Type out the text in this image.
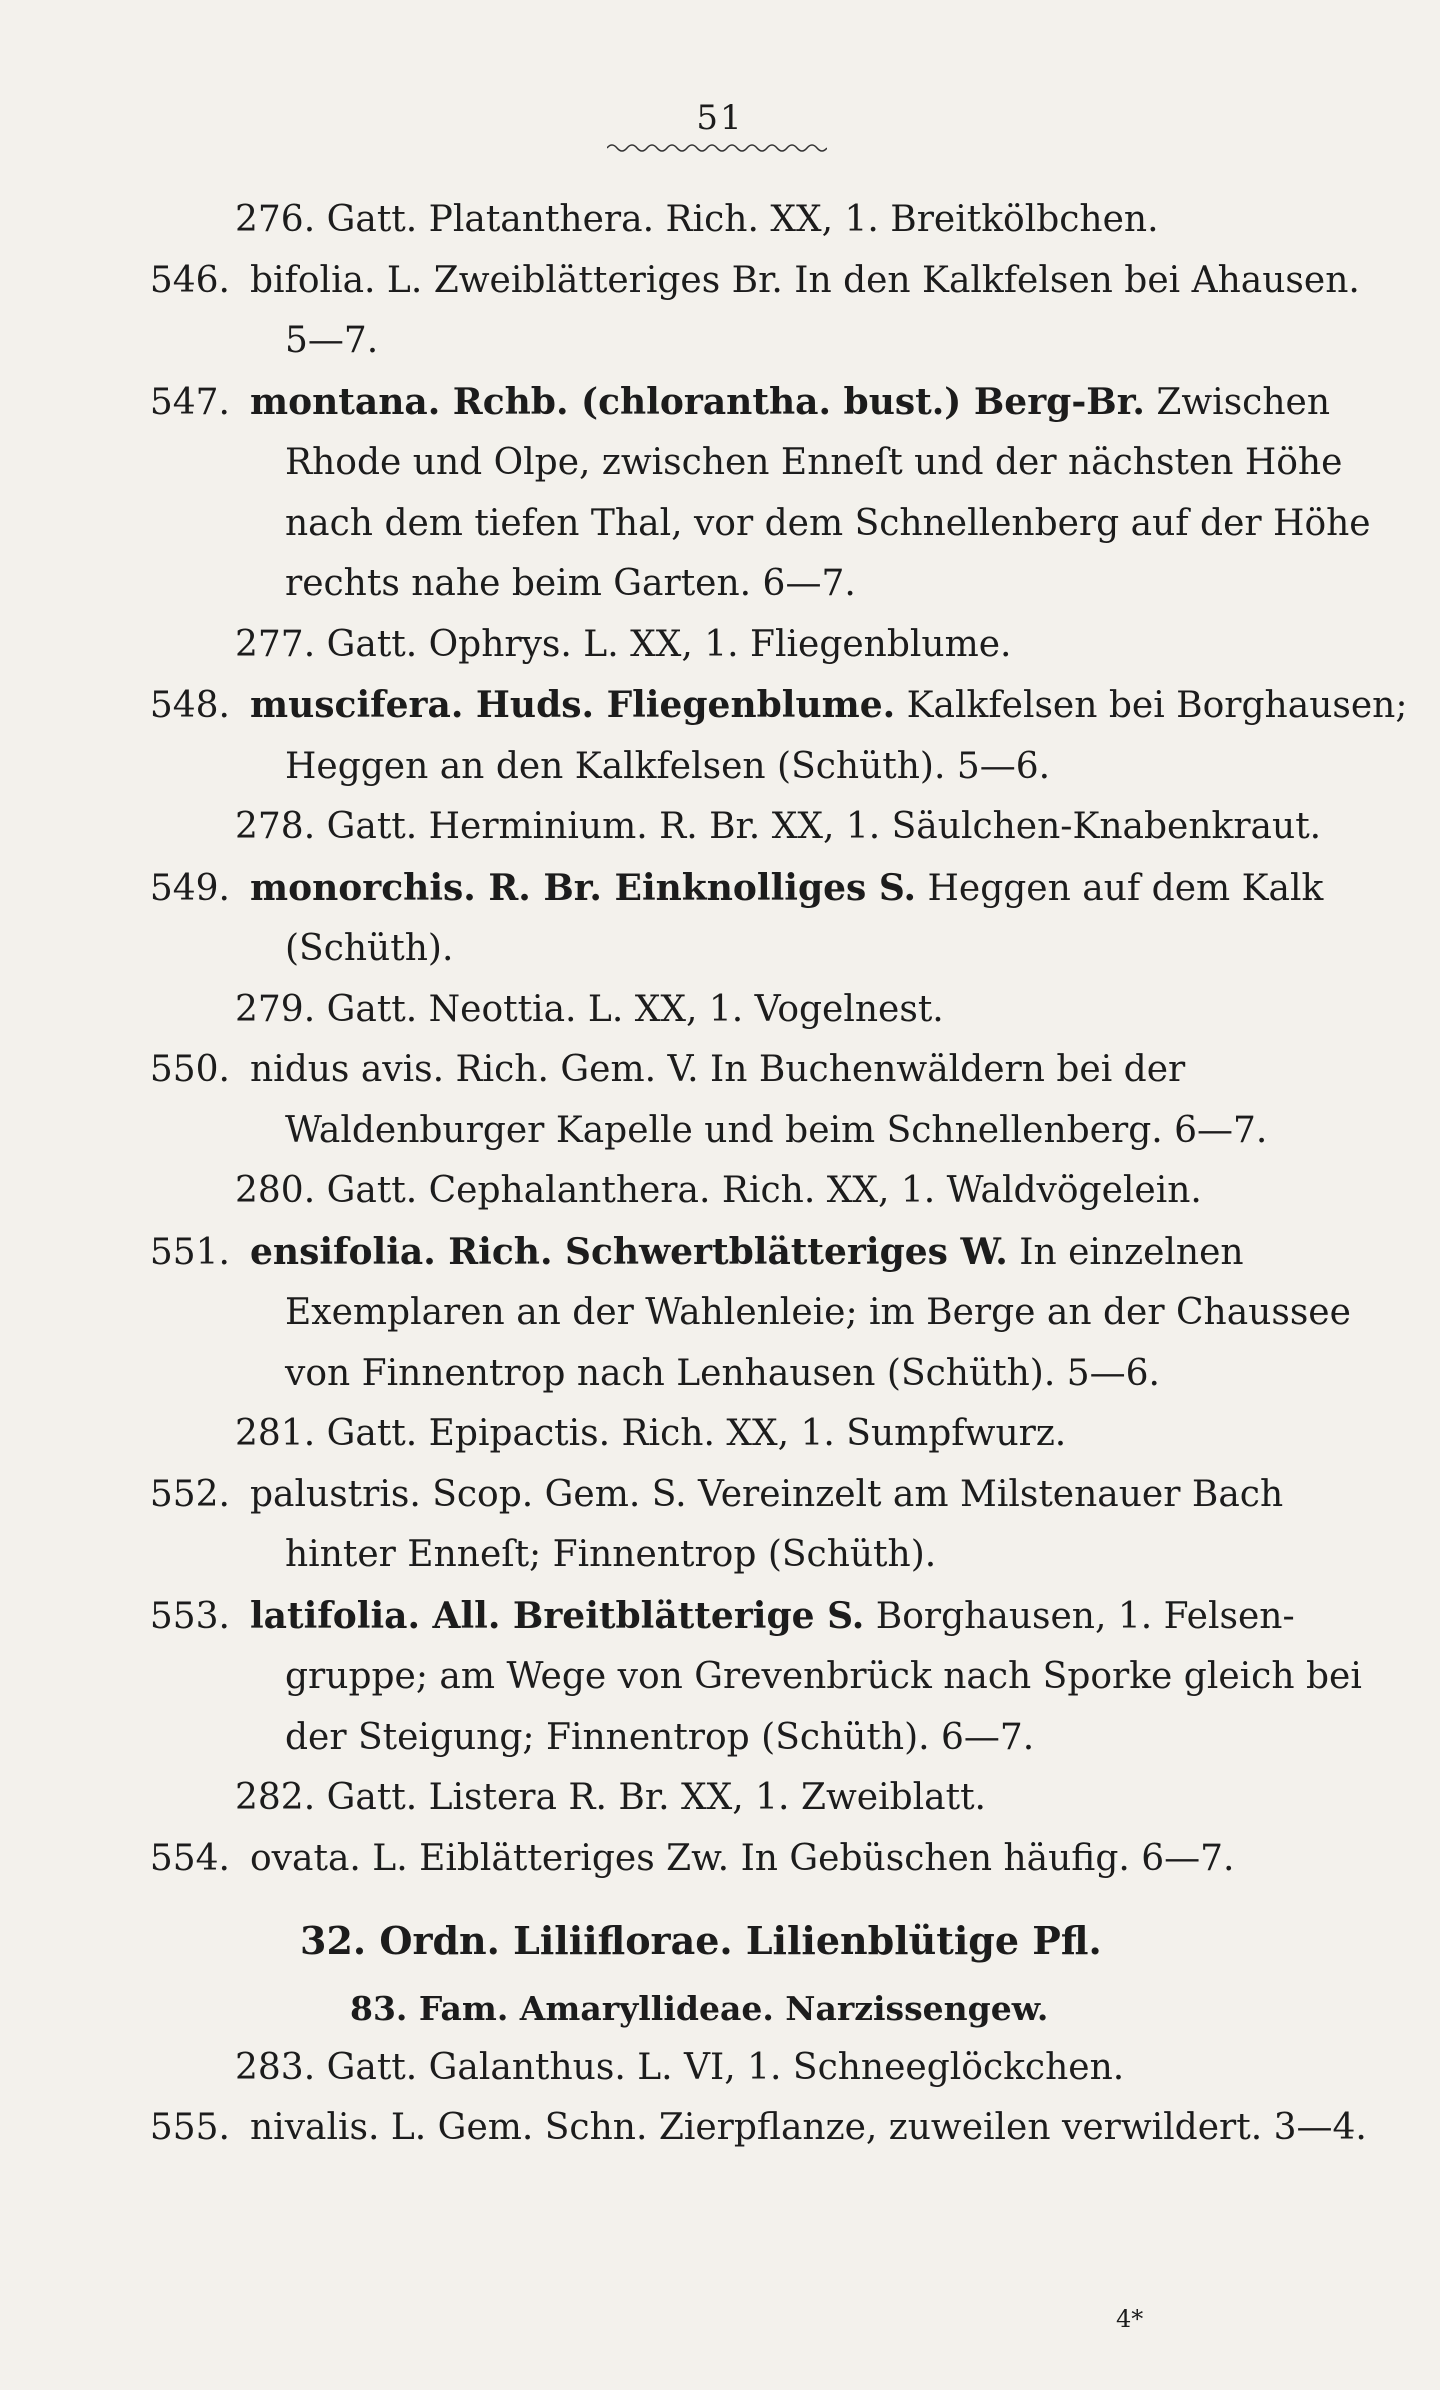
51
276. Gatt. Platanthera. Rich. XX, 1. Breitkölbchen.
546. bifolia. L. Zweiblätteriges Br. In den Kalkfelsen bei Ahausen.
5—7.
547. montana. Rchb. (chlorantha. bust.) Berg-Br. Zwischen
Rhode und Olpe, zwischen Enneſt und der nächsten Höhe
nach dem tiefen Thal, vor dem Schnellenberg auf der Höhe
rechts nahe beim Garten. 6—7.
277. Gatt. Ophrys. L. XX, 1. Fliegenblume.
548. muscifera. Huds. Fliegenblume. Kalkfelsen bei Borghausen;
Heggen an den Kalkfelsen (Schüth). 5—6.
278. Gatt. Herminium. R. Br. XX, 1. Säulchen-Knabenkraut.
549. monorchis. R. Br. Einknolliges S. Heggen auf dem Kalk
(Schüth).
279. Gatt. Neottia. L. XX, 1. Vogelnest.
550. nidus avis. Rich. Gem. V. In Buchenwäldern bei der
Waldenburger Kapelle und beim Schnellenberg. 6—7.
280. Gatt. Cephalanthera. Rich. XX, 1. Waldvögelein.
551. ensifolia. Rich. Schwertblätteriges W. In einzelnen
Exemplaren an der Wahlenleie; im Berge an der Chaussee
von Finnentrop nach Lenhausen (Schüth). 5—6.
281. Gatt. Epipactis. Rich. XX, 1. Sumpfwurz.
552. palustris. Scop. Gem. S. Vereinzelt am Milstenauer Bach
hinter Enneſt; Finnentrop (Schüth).
553. latifolia. All. Breitblätterige S. Borghausen, 1. Felsen-
gruppe; am Wege von Grevenbrück nach Sporke gleich bei
der Steigung; Finnentrop (Schüth). 6—7.
282. Gatt. Listera R. Br. XX, 1. Zweiblatt.
554. ovata. L. Eiblätteriges Zw. In Gebüschen häufig. 6—7.
32. Ordn. Liliiflorae. Lilienblütige Pfl.
83. Fam. Amaryllideae. Narzissengew.
283. Gatt. Galanthus. L. VI, 1. Schneeglöckchen.
555. nivalis. L. Gem. Schn. Zierpflanze, zuweilen verwildert. 3—4.
4*
